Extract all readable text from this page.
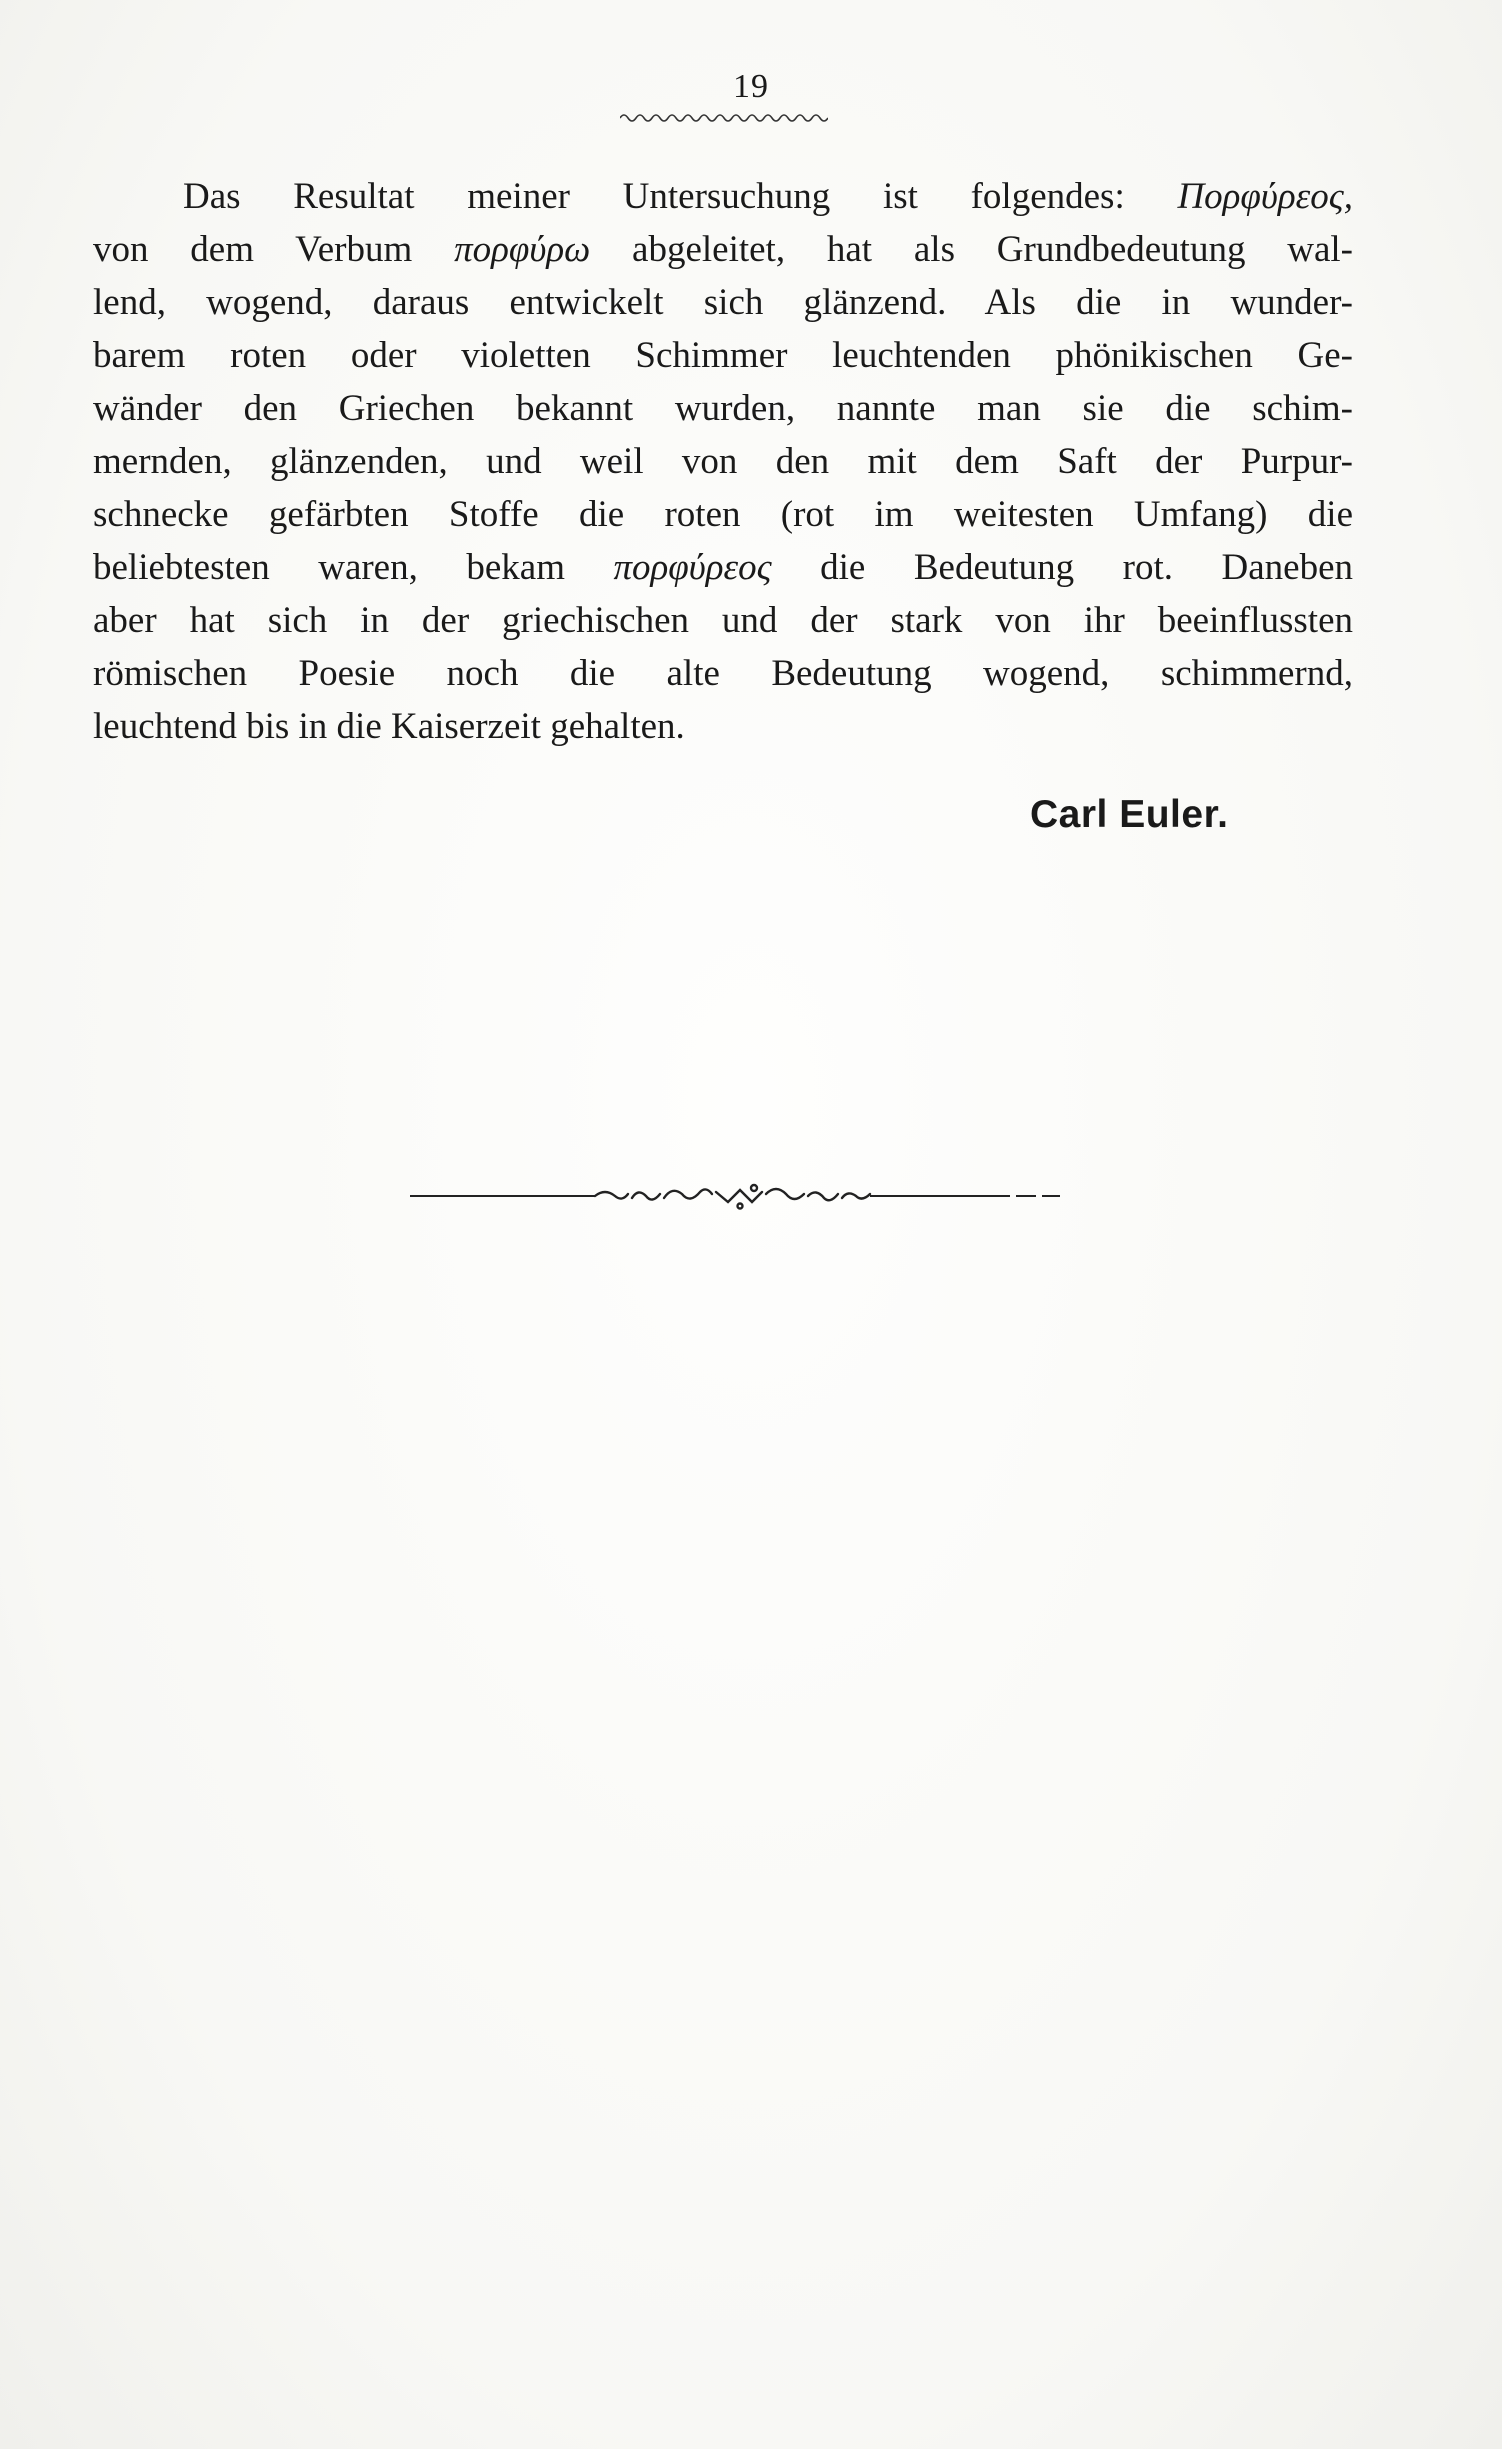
19
Das Resultat meiner Untersuchung ist folgendes: Πορφύρεος,
von dem Verbum πορφύρω abgeleitet, hat als Grundbedeutung wal-
lend, wogend, daraus entwickelt sich glänzend. Als die in wunder-
barem roten oder violetten Schimmer leuchtenden phönikischen Ge-
wänder den Griechen bekannt wurden, nannte man sie die schim-
mernden, glänzenden, und weil von den mit dem Saft der Purpur-
schnecke gefärbten Stoffe die roten (rot im weitesten Umfang) die
beliebtesten waren, bekam πορφύρεος die Bedeutung rot. Daneben
aber hat sich in der griechischen und der stark von ihr beeinflussten
römischen Poesie noch die alte Bedeutung wogend, schimmernd,
leuchtend bis in die Kaiserzeit gehalten.
Carl Euler.
